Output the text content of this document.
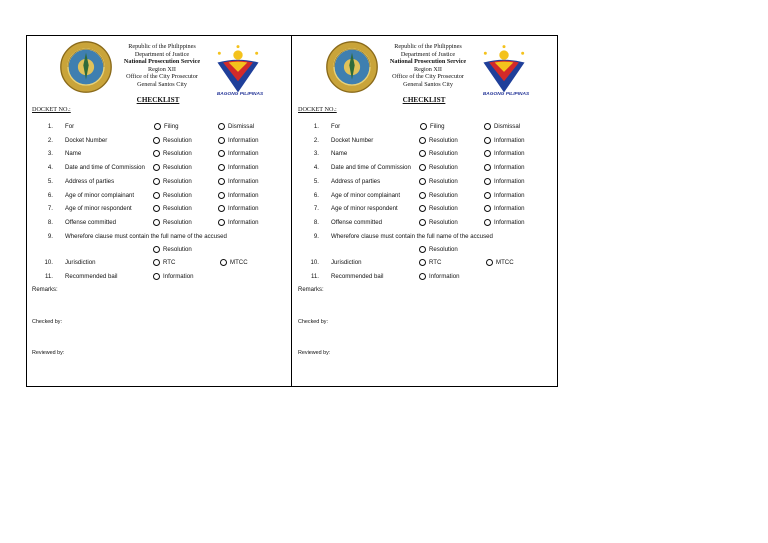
Republic of the Philippines
Department of Justice
National Prosecution Service
Region XII
Office of the City Prosecutor
General Santos City
BAGONG PILIPINAS
CHECKLIST
DOCKET NO.:
1. For	Filing	Dismissal
2. Docket Number	Resolution	Information
3. Name	Resolution	Information
4. Date and time of Commission	Resolution	Information
5. Address of parties	Resolution	Information
6. Age of minor complainant	Resolution	Information
7. Age of minor respondent	Resolution	Information
8. Offense committed	Resolution	Information
9. Wherefore clause must contain the full name of the accused
Resolution
10. Jurisdiction	RTC	MTCC
11. Recommended bail	Information
Remarks:
Checked by:
Reviewed by:
Republic of the Philippines
Department of Justice
National Prosecution Service
Region XII
Office of the City Prosecutor
General Santos City
BAGONG PILIPINAS
CHECKLIST
DOCKET NO.:
1. For	Filing	Dismissal
2. Docket Number	Resolution	Information
3. Name	Resolution	Information
4. Date and time of Commission	Resolution	Information
5. Address of parties	Resolution	Information
6. Age of minor complainant	Resolution	Information
7. Age of minor respondent	Resolution	Information
8. Offense committed	Resolution	Information
9. Wherefore clause must contain the full name of the accused
Resolution
10. Jurisdiction	RTC	MTCC
11. Recommended bail	Information
Remarks:
Checked by:
Reviewed by:
